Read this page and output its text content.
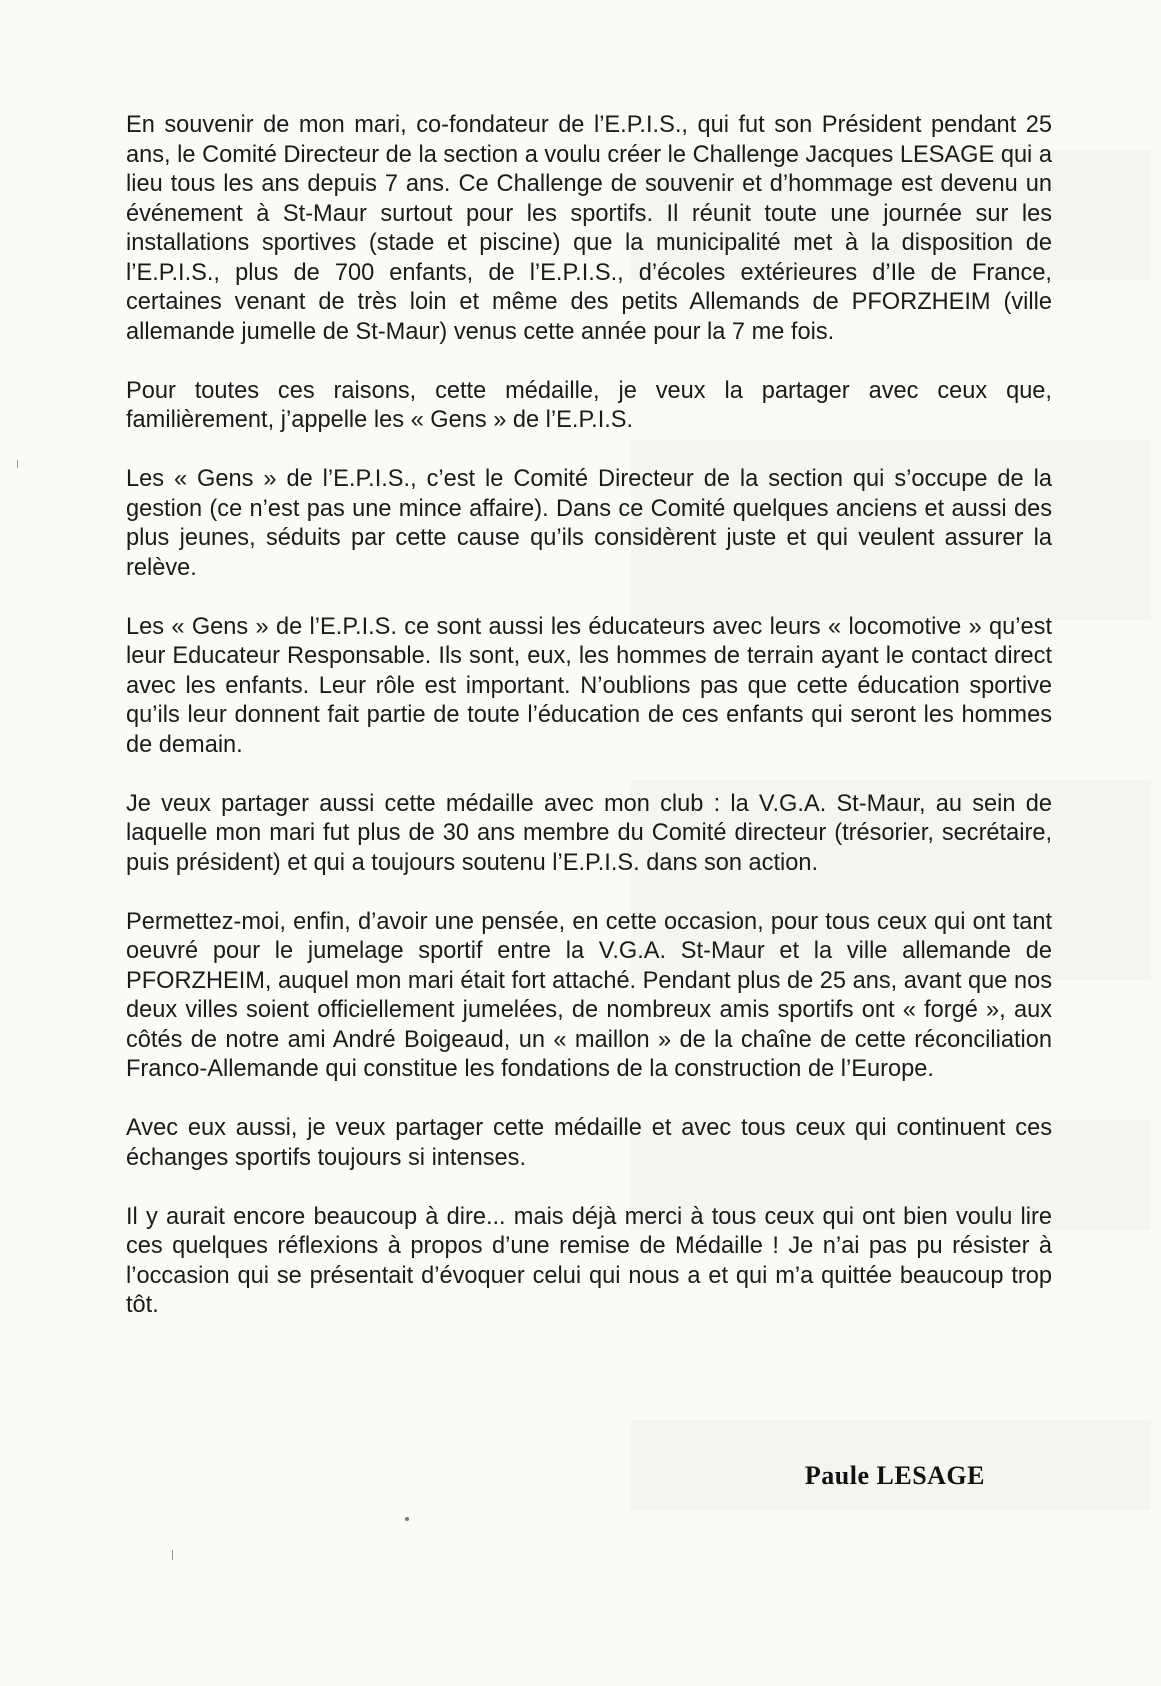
En souvenir de mon mari, co-fondateur de l’E.P.I.S., qui fut son Président pendant 25 ans, le Comité Directeur de la section a voulu créer le Challenge Jacques LESAGE qui a lieu tous les ans depuis 7 ans. Ce Challenge de souvenir et d’hommage est devenu un événement à St-Maur surtout pour les sportifs. Il réunit toute une journée sur les installations sportives (stade et piscine) que la municipalité met à la disposition de l’E.P.I.S., plus de 700 enfants, de l’E.P.I.S., d’écoles extérieures d’Ile de France, certaines venant de très loin et même des petits Allemands de PFORZHEIM (ville allemande jumelle de St-Maur) venus cette année pour la 7 me fois.

Pour toutes ces raisons, cette médaille, je veux la partager avec ceux que, familièrement, j’appelle les « Gens » de l’E.P.I.S.

Les « Gens » de l’E.P.I.S., c’est le Comité Directeur de la section qui s’occupe de la gestion (ce n’est pas une mince affaire). Dans ce Comité quelques anciens et aussi des plus jeunes, séduits par cette cause qu’ils considèrent juste et qui veulent assurer la relève.

Les « Gens » de l’E.P.I.S. ce sont aussi les éducateurs avec leurs « locomotive » qu’est leur Educateur Responsable. Ils sont, eux, les hommes de terrain ayant le contact direct avec les enfants. Leur rôle est important. N’oublions pas que cette éducation sportive qu’ils leur donnent fait partie de toute l’éducation de ces enfants qui seront les hommes de demain.

Je veux partager aussi cette médaille avec mon club : la V.G.A. St-Maur, au sein de laquelle mon mari fut plus de 30 ans membre du Comité directeur (trésorier, secrétaire, puis président) et qui a toujours soutenu l’E.P.I.S. dans son action.

Permettez-moi, enfin, d’avoir une pensée, en cette occasion, pour tous ceux qui ont tant oeuvré pour le jumelage sportif entre la V.G.A. St-Maur et la ville allemande de PFORZHEIM, auquel mon mari était fort attaché. Pendant plus de 25 ans, avant que nos deux villes soient officiellement jumelées, de nombreux amis sportifs ont « forgé », aux côtés de notre ami André Boigeaud, un « maillon » de la chaîne de cette réconciliation Franco-Allemande qui constitue les fondations de la construction de l’Europe.

Avec eux aussi, je veux partager cette médaille et avec tous ceux qui continuent ces échanges sportifs toujours si intenses.

Il y aurait encore beaucoup à dire... mais déjà merci à tous ceux qui ont bien voulu lire ces quelques réflexions à propos d’une remise de Médaille ! Je n’ai pas pu résister à l’occasion qui se présentait d’évoquer celui qui nous a et qui m’a quittée beaucoup trop tôt.

Paule LESAGE
